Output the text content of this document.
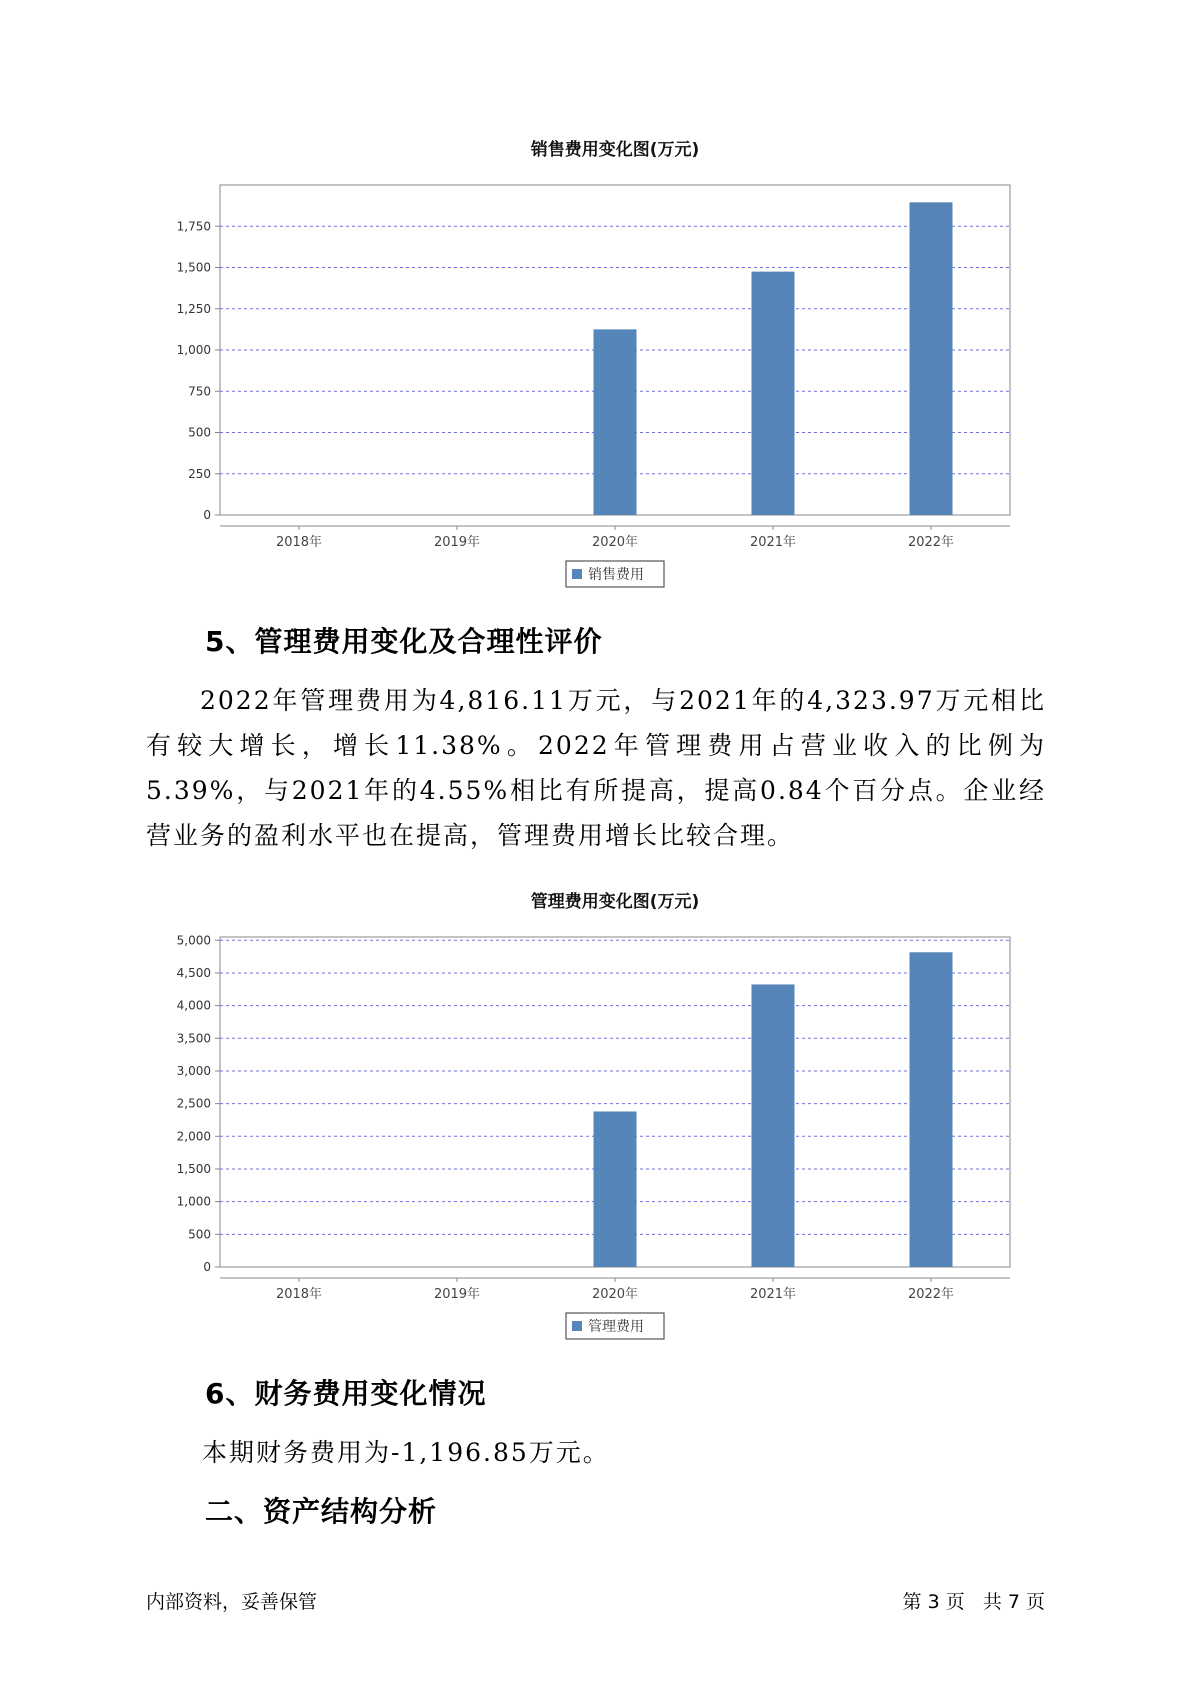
销售费用变化图(万元)
0
250
500
750
1,000
1,250
1,500
1,750
2018年	2019年	2020年	2021年	2022年
销售费用
5、管理费用变化及合理性评价

2022年管理费用为4,816.11万元，与2021年的4,323.97万元相比有较大增长，增长11.38%。2022年管理费用占营业收入的比例为5.39%，与2021年的4.55%相比有所提高，提高0.84个百分点。企业经营业务的盈利水平也在提高，管理费用增长比较合理。

管理费用变化图(万元)
0
500
1,000
1,500
2,000
2,500
3,000
3,500
4,000
4,500
5,000
2018年	2019年	2020年	2021年	2022年
管理费用
6、财务费用变化情况

本期财务费用为-1,196.85万元。

二、资产结构分析
内部资料，妥善保管	第 3 页   共 7 页
